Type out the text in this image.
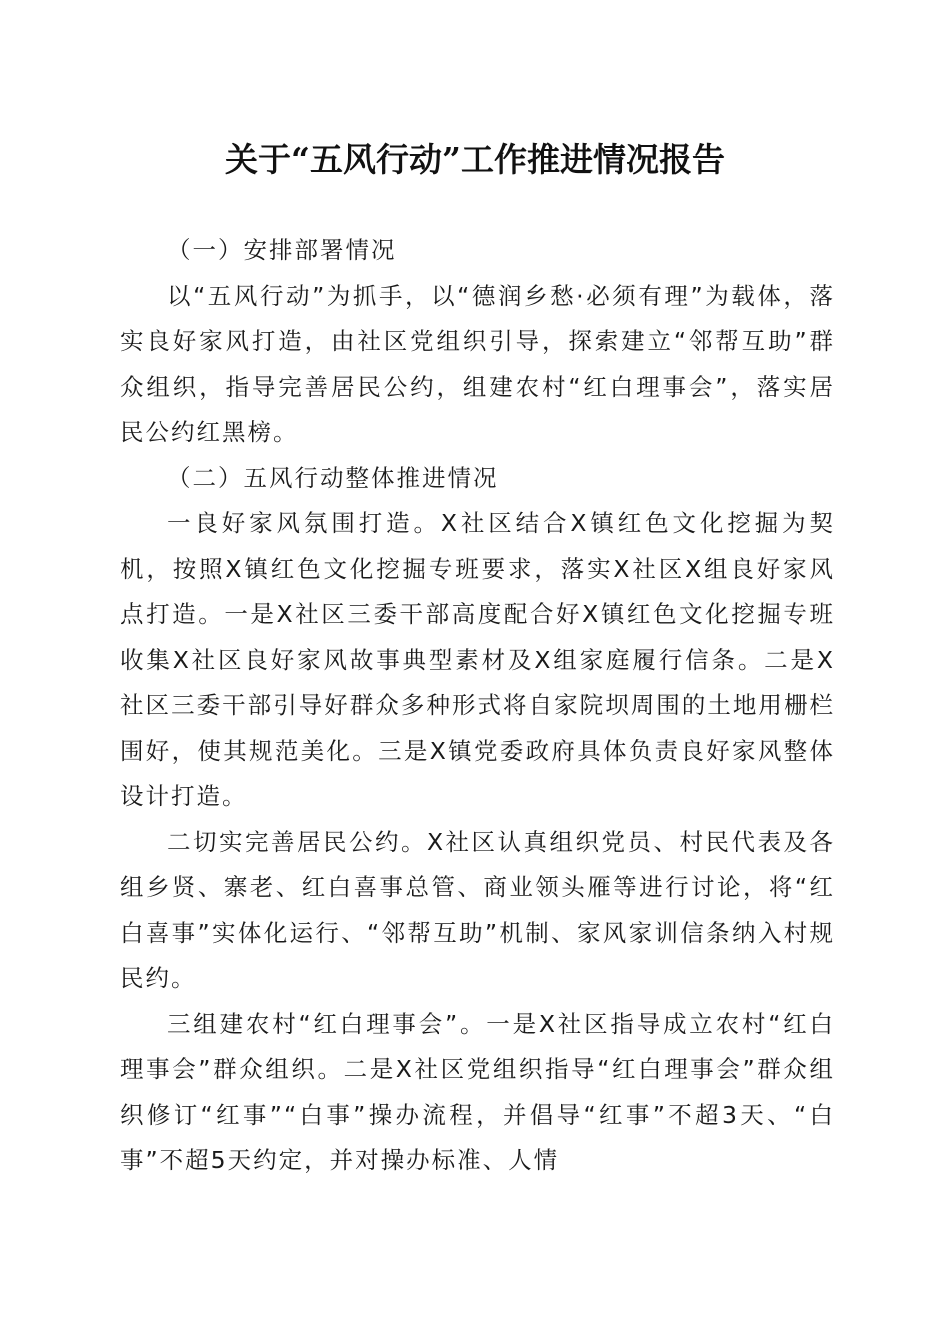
关于“五风行动”工作推进情况报告

（一）安排部署情况

以“五风行动”为抓手，以“德润乡愁·必须有理”为载体，落实良好家风打造，由社区党组织引导，探索建立“邻帮互助”群众组织，指导完善居民公约，组建农村“红白理事会”，落实居民公约红黑榜。

（二）五风行动整体推进情况

一良好家风氛围打造。X社区结合X镇红色文化挖掘为契机，按照X镇红色文化挖掘专班要求，落实X社区X组良好家风点打造。一是X社区三委干部高度配合好X镇红色文化挖掘专班收集X社区良好家风故事典型素材及X组家庭履行信条。二是X社区三委干部引导好群众多种形式将自家院坝周围的土地用栅栏围好，使其规范美化。三是X镇党委政府具体负责良好家风整体设计打造。

二切实完善居民公约。X社区认真组织党员、村民代表及各组乡贤、寨老、红白喜事总管、商业领头雁等进行讨论，将“红白喜事”实体化运行、“邻帮互助”机制、家风家训信条纳入村规民约。

三组建农村“红白理事会”。一是X社区指导成立农村“红白理事会”群众组织。二是X社区党组织指导“红白理事会”群众组织修订“红事”“白事”操办流程，并倡导“红事”不超3天、“白事”不超5天约定，并对操办标准、人情
